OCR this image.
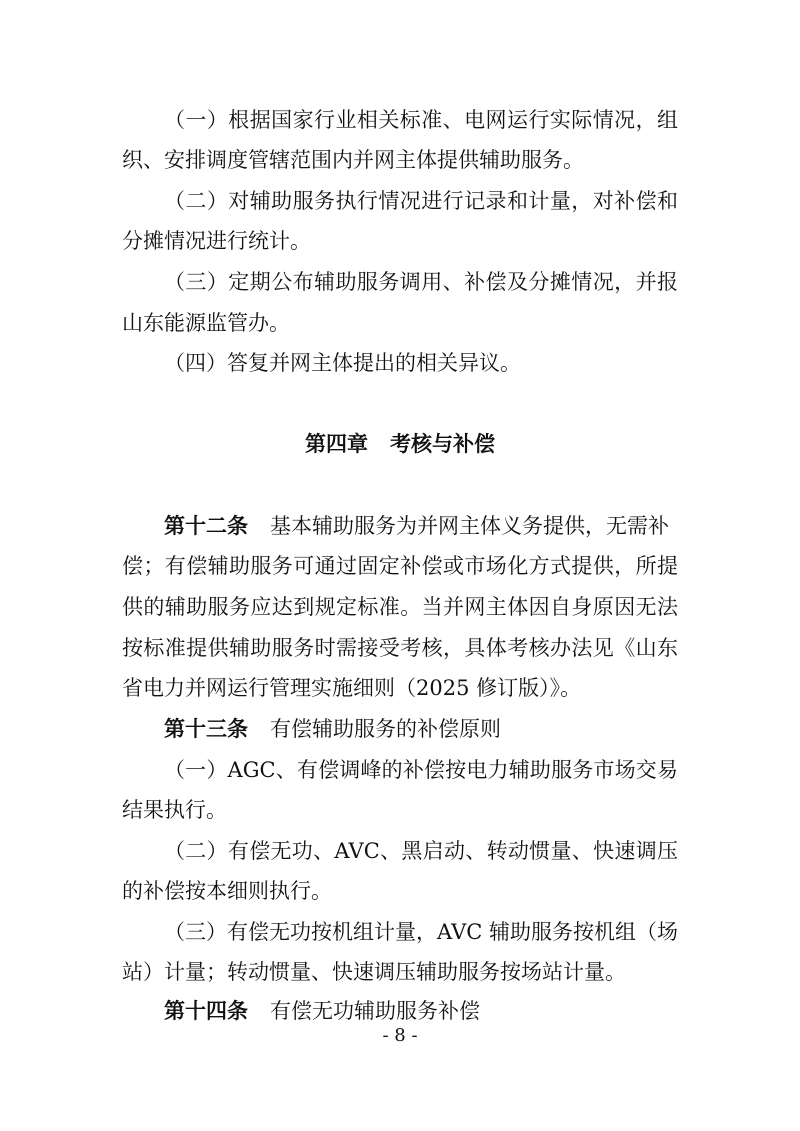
（一）根据国家行业相关标准、电网运行实际情况，组
织、安排调度管辖范围内并网主体提供辅助服务。
（二）对辅助服务执行情况进行记录和计量，对补偿和
分摊情况进行统计。
（三）定期公布辅助服务调用、补偿及分摊情况，并报
山东能源监管办。
（四）答复并网主体提出的相关异议。
第四章 考核与补偿
第十二条 基本辅助服务为并网主体义务提供，无需补
偿；有偿辅助服务可通过固定补偿或市场化方式提供，所提
供的辅助服务应达到规定标准。当并网主体因自身原因无法
按标准提供辅助服务时需接受考核，具体考核办法见《山东
省电力并网运行管理实施细则（2025 修订版）》。
第十三条 有偿辅助服务的补偿原则
（一）AGC、有偿调峰的补偿按电力辅助服务市场交易
结果执行。
（二）有偿无功、AVC、黑启动、转动惯量、快速调压
的补偿按本细则执行。
（三）有偿无功按机组计量，AVC 辅助服务按机组（场
站）计量；转动惯量、快速调压辅助服务按场站计量。
第十四条 有偿无功辅助服务补偿
- 8 -
